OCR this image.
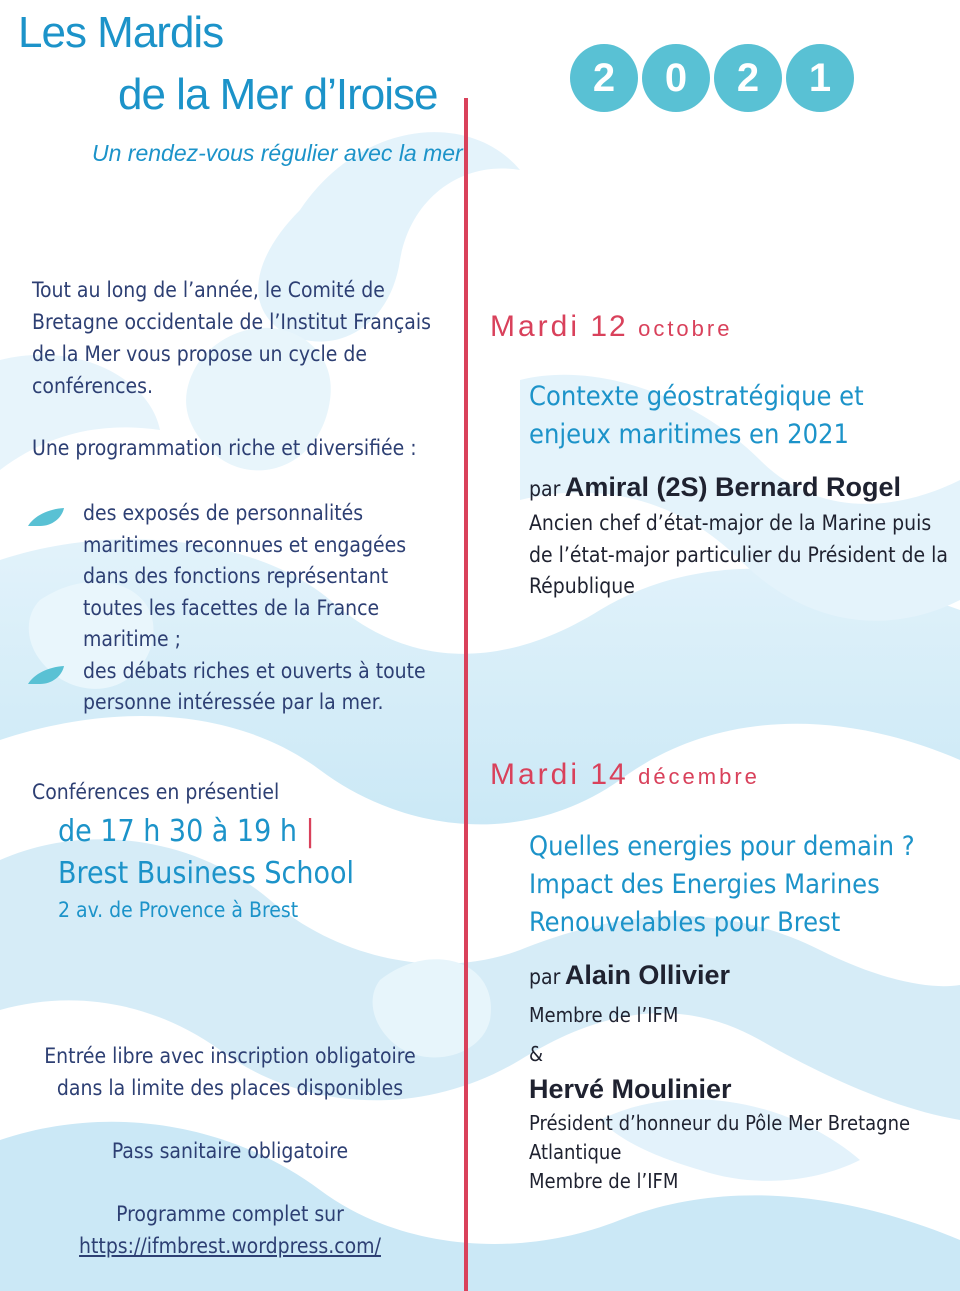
Les Mardis
de la Mer d’Iroise
Un rendez-vous régulier avec la mer
2	0	2	1
Tout au long de l’année, le Comité de Bretagne occidentale de l’Institut Français de la Mer vous propose un cycle de conférences.
Une programmation riche et diversifiée :
des exposés de personnalités maritimes reconnues et engagées dans des fonctions représentant toutes les facettes de la France maritime ;
des débats riches et ouverts à toute personne intéressée par la mer.
Conférences en présentiel
de 17 h 30 à 19 h |
Brest Business School
2 av. de Provence à Brest
Entrée libre avec inscription obligatoire
dans la limite des places disponibles
Pass sanitaire obligatoire
Programme complet sur
https://ifmbrest.wordpress.com/
Mardi 12 octobre
Contexte géostratégique et
enjeux maritimes en 2021
par Amiral (2S) Bernard Rogel
Ancien chef d’état-major de la Marine puis de l’état-major particulier du Président de la République
Mardi 14 décembre
Quelles energies pour demain ?
Impact des Energies Marines
Renouvelables pour Brest
par Alain Ollivier
Membre de l’IFM
&
Hervé Moulinier
Président d’honneur du Pôle Mer Bretagne
Atlantique
Membre de l’IFM
